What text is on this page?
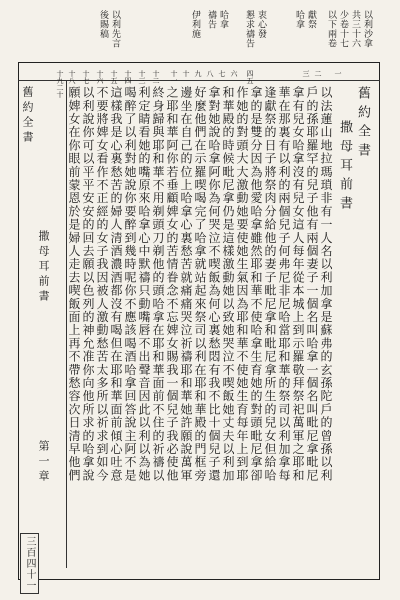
以利沙拿
共三十六
少卷十七
以下兩卷
獻祭
哈拿
衷心發
懇求禱告
哈拿
禱告
伊利施
以利先言
後賜稿
一
二
三
四五
六
七
八
九
十
十一
十二
十三
十四
十五
十六
十七
十八
十九二十
舊約全書
撒母耳前書
以法蓮山地拉瑪瑣非有一人名以利加拿是蘇弗的玄孫陀戶的曾孫以利
戶的孫耶羅罕的兒子他有兩個妻子一個名叫哈拿一個名叫毗尼拿毗尼
拿有兒女哈拿沒有兒女這人每年從本城上到示羅敬拜祭祀萬軍之耶和
華在那裏有以利的兩個兒子何弗尼非尼哈當耶和華的祭司以利加拿每
逢獻祭的日子將祭肉分給他的妻子毗尼拿和毗尼拿所生的兒女但給哈
拿的是雙分因為他愛哈拿雖然耶和華不使哈拿生育她的對頭毗尼拿卻
作她的對頭大大激動她要使她生氣因為耶和華不使她生育每年上到耶
和華殿的時候毗尼拿仍是這樣激動她以致她哭泣不喫飯她丈夫以利加
拿對她說哈拿阿你為何哭泣不喫飯為何心裏愁悶有我不比十個兒子還
好麼他們在示羅喫喝完了哈拿就站起來祭司以利在耶和華殿的門框旁
邊坐在自己的位上哈拿心裏愁苦就痛痛哭泣祈禱耶和華她許願說萬軍
之耶和華阿你若垂顧婢女的苦情眷念不忘婢女賜我一個兒子我必使他
終身歸與耶和華不用剃頭刀剃他的頭哈拿在耶和華面前不住的祈禱以
利定睛看她的嘴原來哈拿心中默禱只動嘴唇不出聲音因此以利以為她
喝醉了以利對她說你要醉到幾時呢你不應該喝酒哈拿回答說主阿不是
這樣我是心裏愁苦的婦人清酒濃酒都沒有喝但在耶和華面前傾心吐意
不要將婢女看作不正經的女子我因被人激動愁苦太多所以祈求到如今
以利說你可以平平安安的回去願以色列的神允准你向他所求的哈拿說
願婢女在你眼前蒙恩於是婦人走去喫飯面上再不帶愁容次日清早他們
舊約全書
撒母耳前書
第一章
三百四十一
